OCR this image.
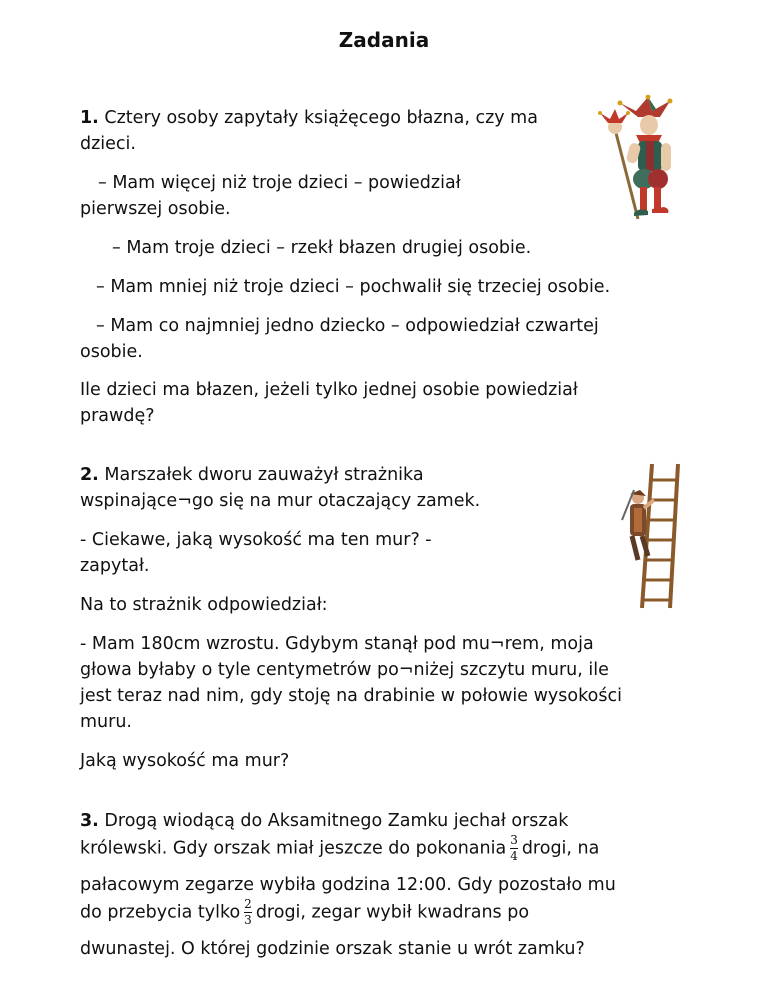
Zadania
1. Cztery osoby zapytały książęcego błazna, czy ma
dzieci.
– Mam więcej niż troje dzieci – powiedział
pierwszej osobie.
– Mam troje dzieci – rzekł błazen drugiej osobie.
– Mam mniej niż troje dzieci – pochwalił się trzeciej osobie.
– Mam co najmniej jedno dziecko – odpowiedział czwartej
osobie.
Ile dzieci ma błazen, jeżeli tylko jednej osobie powiedział
prawdę?
2. Marszałek dworu zauważył strażnika
wspinające¬go się na mur otaczający zamek.
- Ciekawe, jaką wysokość ma ten mur? -
zapytał.
Na to strażnik odpowiedział:
- Mam 180cm wzrostu. Gdybym stanął pod mu¬rem, moja
głowa byłaby o tyle centymetrów po¬niżej szczytu muru, ile
jest teraz nad nim, gdy stoję na drabinie w połowie wysokości
muru.
Jaką wysokość ma mur?
3. Drogą wiodącą do Aksamitnego Zamku jechał orszak
królewski. Gdy orszak miał jeszcze do pokonania $\frac{3}{4}$ drogi, na
pałacowym zegarze wybiła godzina 12:00. Gdy pozostało mu
do przebycia tylko $\frac{2}{3}$ drogi, zegar wybił kwadrans po
dwunastej. O której godzinie orszak stanie u wrót zamku?
